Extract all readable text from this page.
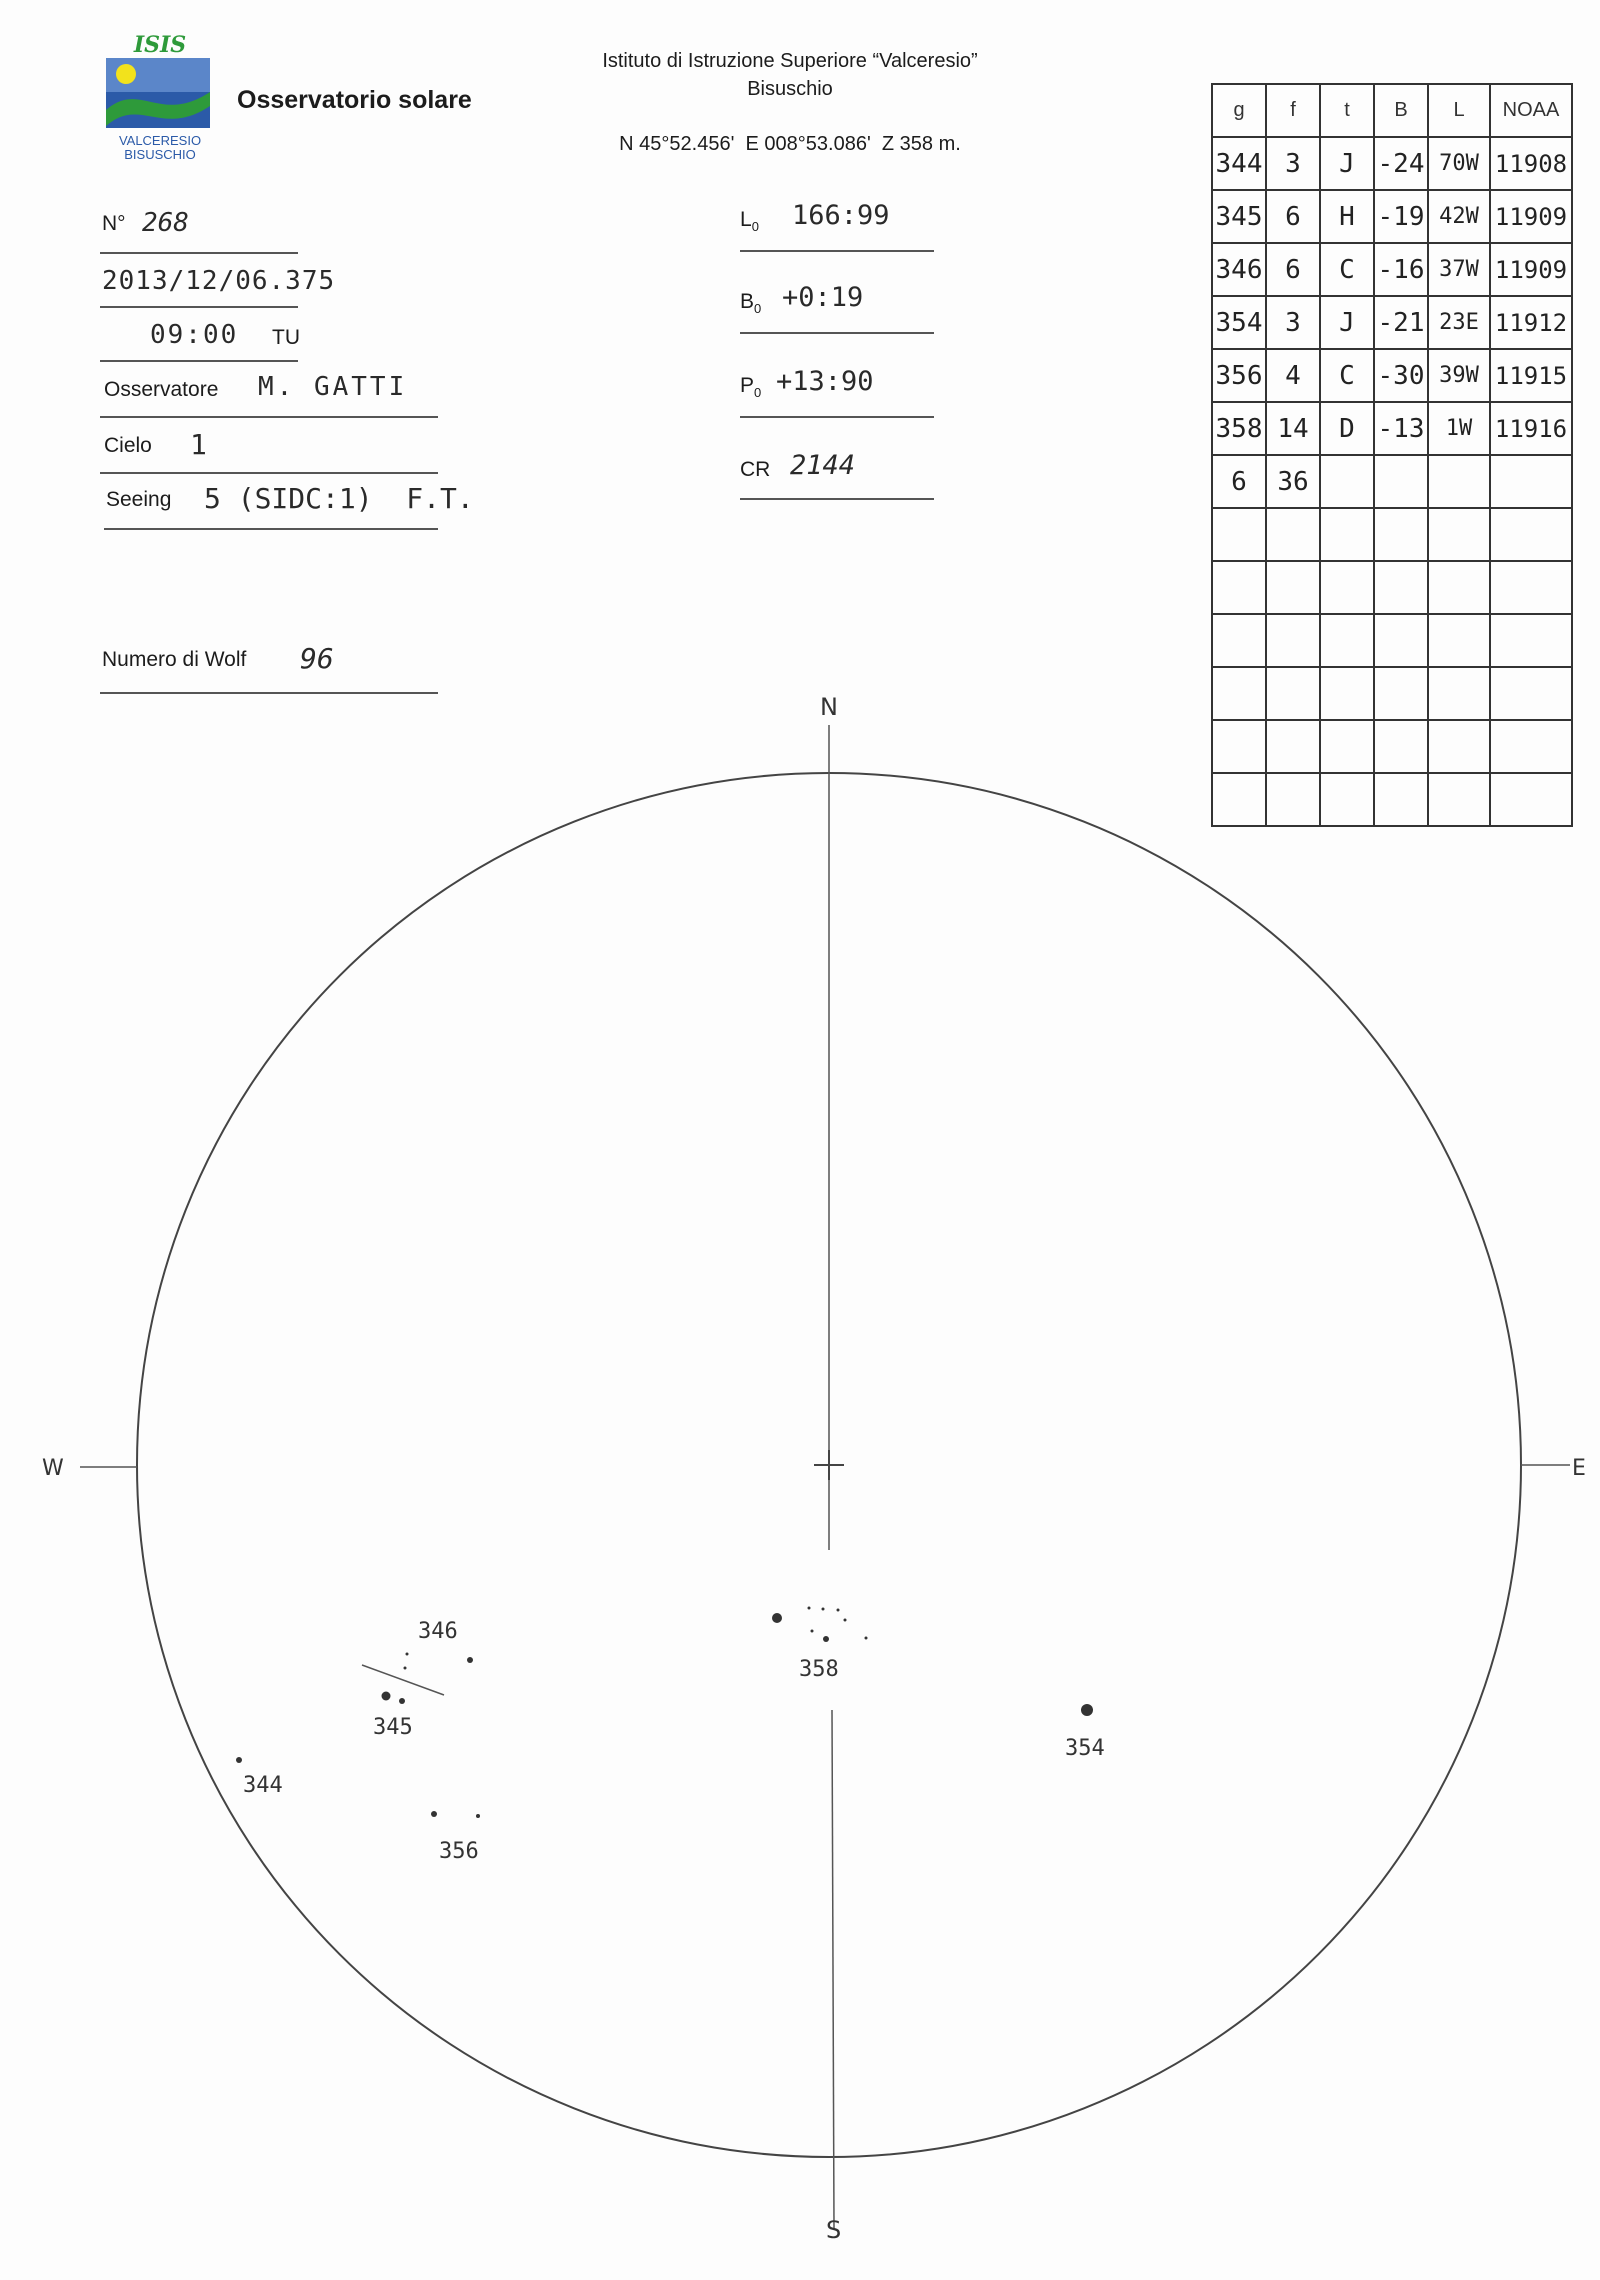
ISIS
VALCERESIO
BISUSCHIO
Osservatorio solare
Istituto di Istruzione Superiore “Valceresio”
Bisuschio
N 45°52.456'  E 008°53.086'  Z 358 m.
N° 268
2013/12/06.375
09:00 TU
Osservatore M. GATTI
Cielo 1
Seeing 5 (SIDC:1)  F.T.
Numero di Wolf 96
$L_0$ 166:99
$B_0$ +0:19
$P_0$ +13:90
CR 2144
g	f	t	B	L	NOAA
344	3	J	-24	70W	11908
345	6	H	-19	42W	11909
346	6	C	-16	37W	11909
354	3	J	-21	23E	11912
356	4	C	-30	39W	11915
358	14	D	-13	1W	11916
6	36				

N
S
W	E
346
345
344
356
358
354
